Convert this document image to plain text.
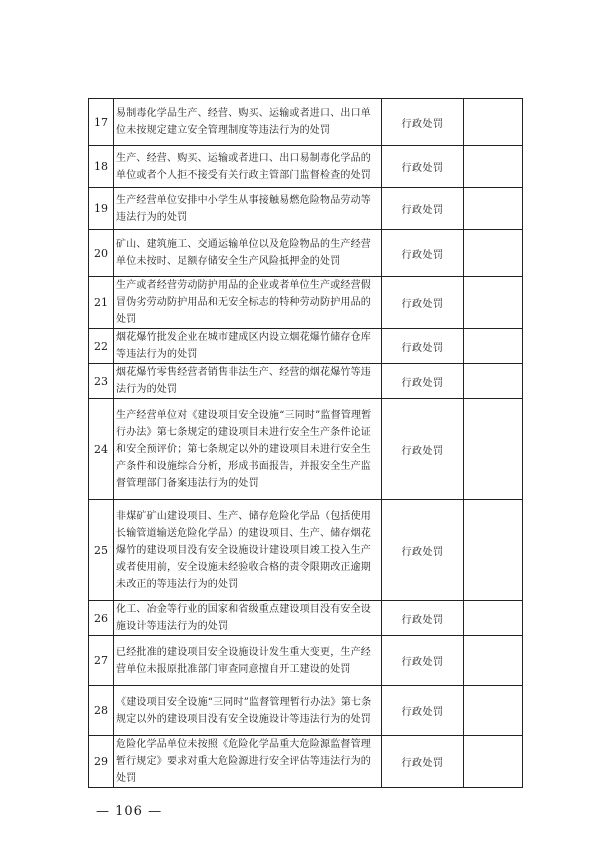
17	易制毒化学品生产、经营、购买、运输或者进口、出口单位未按规定建立安全管理制度等违法行为的处罚	行政处罚	
18	生产、经营、购买、运输或者进口、出口易制毒化学品的单位或者个人拒不接受有关行政主管部门监督检查的处罚	行政处罚	
19	生产经营单位安排中小学生从事接触易燃危险物品劳动等违法行为的处罚	行政处罚	
20	矿山、建筑施工、交通运输单位以及危险物品的生产经营单位未按时、足额存储安全生产风险抵押金的处罚	行政处罚	
21	生产或者经营劳动防护用品的企业或者单位生产或经营假冒伪劣劳动防护用品和无安全标志的特种劳动防护用品的处罚	行政处罚	
22	烟花爆竹批发企业在城市建成区内设立烟花爆竹储存仓库等违法行为的处罚	行政处罚	
23	烟花爆竹零售经营者销售非法生产、经营的烟花爆竹等违法行为的处罚	行政处罚	
24	生产经营单位对《建设项目安全设施“三同时”监督管理暂行办法》第七条规定的建设项目未进行安全生产条件论证和安全预评价；第七条规定以外的建设项目未进行安全生产条件和设施综合分析，形成书面报告，并报安全生产监督管理部门备案违法行为的处罚	行政处罚	
25	非煤矿矿山建设项目、生产、储存危险化学品（包括使用长输管道输送危险化学品）的建设项目、生产、储存烟花爆竹的建设项目没有安全设施设计建设项目竣工投入生产或者使用前，安全设施未经验收合格的责令限期改正逾期未改正的等违法行为的处罚	行政处罚	
26	化工、冶金等行业的国家和省级重点建设项目没有安全设施设计等违法行为的处罚	行政处罚	
27	已经批准的建设项目安全设施设计发生重大变更，生产经营单位未报原批准部门审查同意擅自开工建设的处罚	行政处罚	
28	《建设项目安全设施“三同时”监督管理暂行办法》第七条规定以外的建设项目没有安全设施设计等违法行为的处罚	行政处罚	
29	危险化学品单位未按照《危险化学品重大危险源监督管理暂行规定》要求对重大危险源进行安全评估等违法行为的处罚	行政处罚	
— 106 —
